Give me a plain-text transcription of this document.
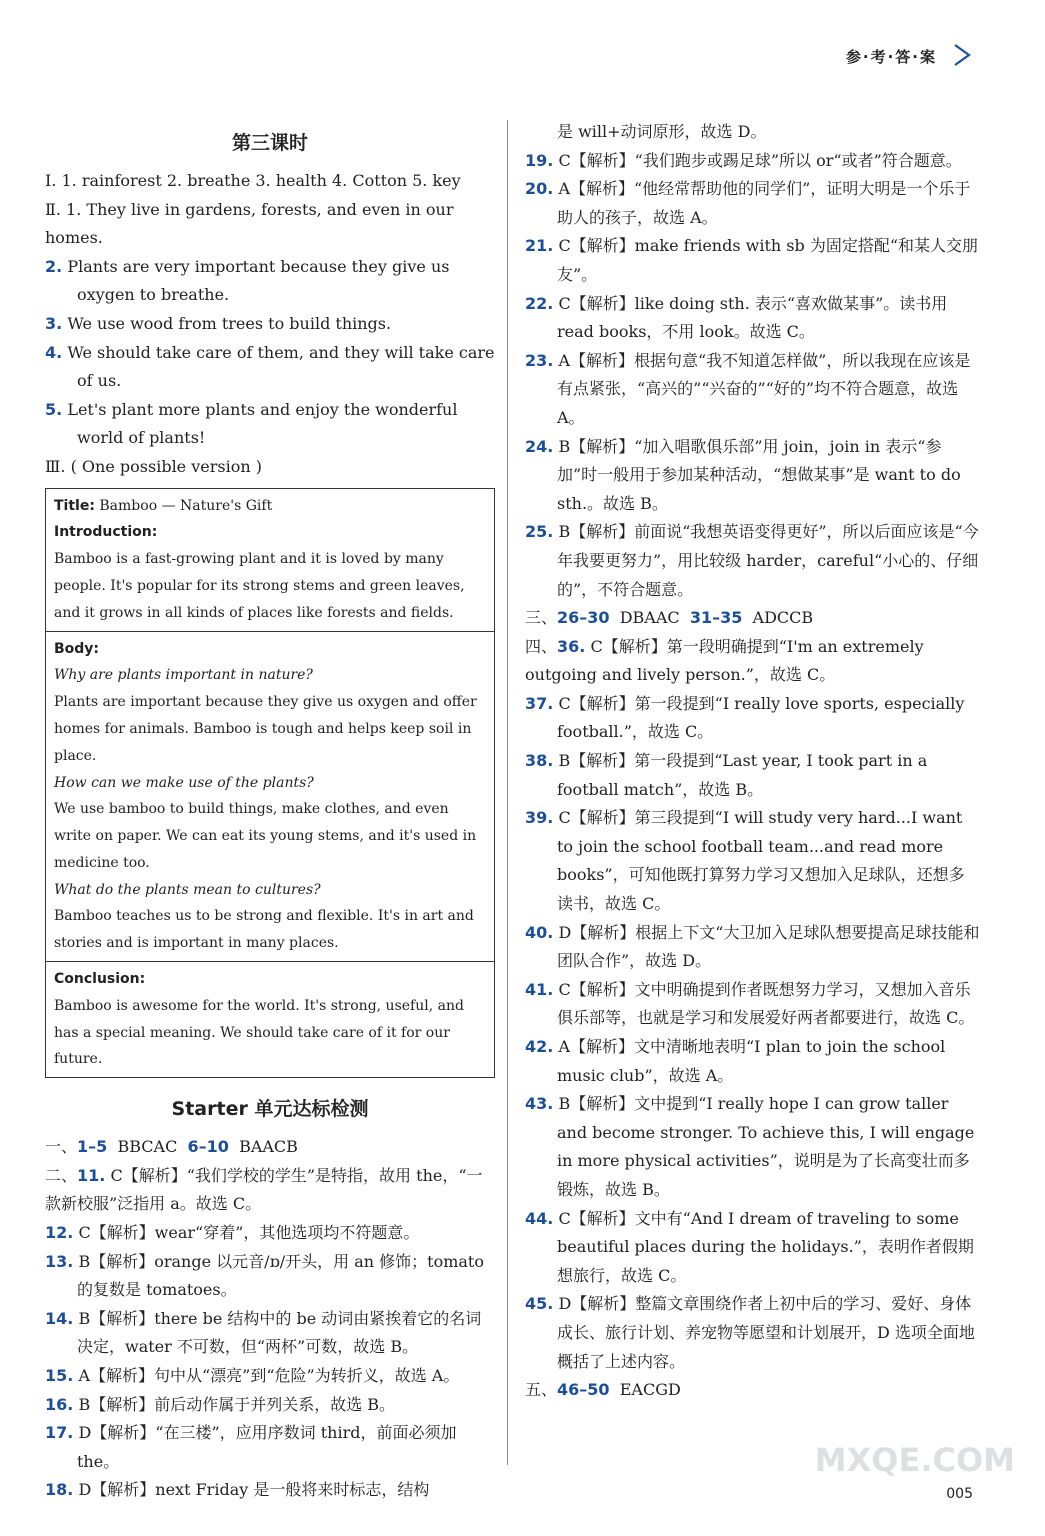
参·考·答·案
第三课时

Ⅰ. 1. rainforest 2. breathe 3. health 4. Cotton 5. key

Ⅱ. 1. They live in gardens, forests, and even in our homes.

2. Plants are very important because they give us oxygen to breathe.

3. We use wood from trees to build things.

4. We should take care of them, and they will take care of us.

5. Let's plant more plants and enjoy the wonderful world of plants!

Ⅲ. ( One possible version )

Title: Bamboo — Nature's Gift

Introduction:

Bamboo is a fast-growing plant and it is loved by many people. It's popular for its strong stems and green leaves, and it grows in all kinds of places like forests and fields.

Body:

Why are plants important in nature?

Plants are important because they give us oxygen and offer homes for animals. Bamboo is tough and helps keep soil in place.

How can we make use of the plants?

We use bamboo to build things, make clothes, and even write on paper. We can eat its young stems, and it's used in medicine too.

What do the plants mean to cultures?

Bamboo teaches us to be strong and flexible. It's in art and stories and is important in many places.

Conclusion:

Bamboo is awesome for the world. It's strong, useful, and has a special meaning. We should take care of it for our future.

Starter 单元达标检测

一、1–5 BBCAC 6–10 BAACB

二、11. C【解析】“我们学校的学生”是特指，故用 the，“一款新校服”泛指用 a。故选 C。

12. C【解析】wear“穿着”，其他选项均不符题意。

13. B【解析】orange 以元音/ɒ/开头，用 an 修饰；tomato 的复数是 tomatoes。

14. B【解析】there be 结构中的 be 动词由紧挨着它的名词决定，water 不可数，但“两杯”可数，故选 B。

15. A【解析】句中从“漂亮”到“危险”为转折义，故选 A。

16. B【解析】前后动作属于并列关系，故选 B。

17. D【解析】“在三楼”，应用序数词 third，前面必须加 the。

18. D【解析】next Friday 是一般将来时标志，结构

是 will+动词原形，故选 D。

19. C【解析】“我们跑步或踢足球”所以 or“或者”符合题意。

20. A【解析】“他经常帮助他的同学们”，证明大明是一个乐于助人的孩子，故选 A。

21. C【解析】make friends with sb 为固定搭配“和某人交朋友”。

22. C【解析】like doing sth. 表示“喜欢做某事”。读书用 read books，不用 look。故选 C。

23. A【解析】根据句意“我不知道怎样做”，所以我现在应该是有点紧张，“高兴的”“兴奋的”“好的”均不符合题意，故选 A。

24. B【解析】“加入唱歌俱乐部”用 join，join in 表示“参加”时一般用于参加某种活动，“想做某事”是 want to do sth.。故选 B。

25. B【解析】前面说“我想英语变得更好”，所以后面应该是“今年我要更努力”，用比较级 harder，careful“小心的、仔细的”，不符合题意。

三、26–30 DBAAC 31–35 ADCCB

四、36. C【解析】第一段明确提到“I'm an extremely outgoing and lively person.”，故选 C。

37. C【解析】第一段提到“I really love sports, especially football.”，故选 C。

38. B【解析】第一段提到“Last year, I took part in a football match”，故选 B。

39. C【解析】第三段提到“I will study very hard...I want to join the school football team...and read more books”，可知他既打算努力学习又想加入足球队，还想多读书，故选 C。

40. D【解析】根据上下文“大卫加入足球队想要提高足球技能和团队合作”，故选 D。

41. C【解析】文中明确提到作者既想努力学习，又想加入音乐俱乐部等，也就是学习和发展爱好两者都要进行，故选 C。

42. A【解析】文中清晰地表明“I plan to join the school music club”，故选 A。

43. B【解析】文中提到“I really hope I can grow taller and become stronger. To achieve this, I will engage in more physical activities”，说明是为了长高变壮而多锻炼，故选 B。

44. C【解析】文中有“And I dream of traveling to some beautiful places during the holidays.”，表明作者假期想旅行，故选 C。

45. D【解析】整篇文章围绕作者上初中后的学习、爱好、身体成长、旅行计划、养宠物等愿望和计划展开，D 选项全面地概括了上述内容。

五、46–50 EACGD

MXQE.COM
005
